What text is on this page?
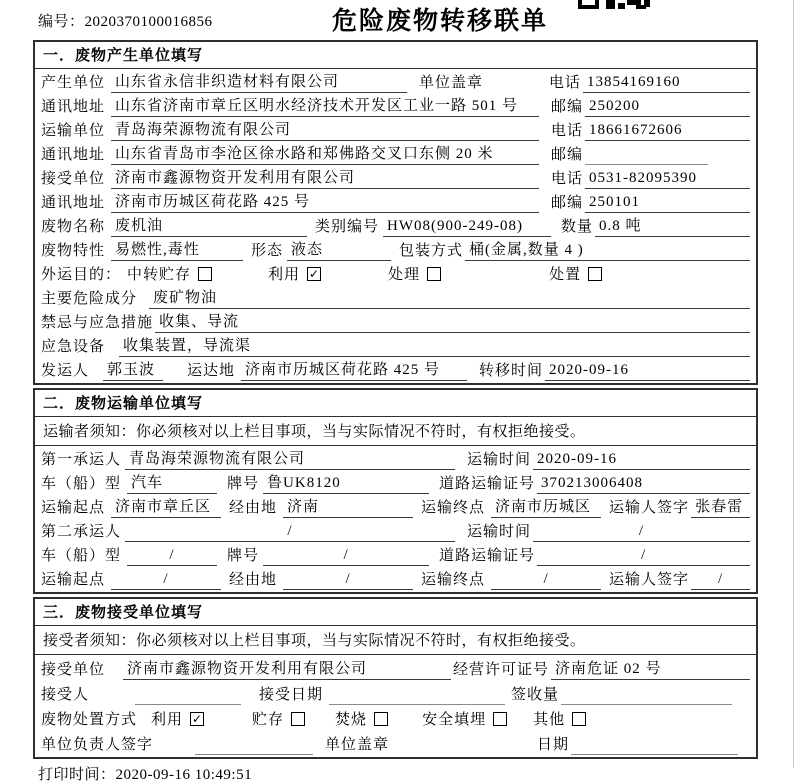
编号：2020370100016856	危险废物转移联单
一．废物产生单位填写
产生单位 山东省永信非织造材料有限公司	单位盖章	电话 13854169160
通讯地址 山东省济南市章丘区明水经济技术开发区工业一路 501 号	邮编 250200
运输单位 青岛海荣源物流有限公司	电话 18661672606
通讯地址 山东省青岛市李沧区徐水路和郑佛路交叉口东侧 20 米	邮编
接受单位 济南市鑫源物资开发利用有限公司	电话 0531-82095390
通讯地址 济南市历城区荷花路 425 号	邮编 250101
废物名称 废机油	类别编号 HW08(900-249-08)	数量 0.8 吨
废物特性 易燃性,毒性	形态 液态	包装方式 桶(金属,数量 4 )
外运目的： 中转贮存	利用 ✓	处理	处置
主要危险成分 废矿物油
禁忌与应急措施 收集、导流
应急设备 收集装置，导流渠
发运人 郭玉波	运达地 济南市历城区荷花路 425 号	转移时间 2020-09-16
二．废物运输单位填写
运输者须知：你必须核对以上栏目事项，当与实际情况不符时，有权拒绝接受。
第一承运人 青岛海荣源物流有限公司	运输时间 2020-09-16
车（船）型 汽车	牌号 鲁UK8120	道路运输证号 370213006408
运输起点 济南市章丘区	经由地 济南	运输终点 济南市历城区	运输人签字 张春雷
第二承运人	/	运输时间	/
车（船）型	/	牌号	/	道路运输证号	/
运输起点	/	经由地	/	运输终点	/	运输人签字	/
三．废物接受单位填写
接受者须知：你必须核对以上栏目事项，当与实际情况不符时，有权拒绝接受。
接受单位 济南市鑫源物资开发利用有限公司	经营许可证号 济南危证 02 号
接受人	接受日期	签收量
废物处置方式 利用 ✓	贮存	焚烧	安全填埋	其他
单位负责人签字	单位盖章	日期
打印时间：2020-09-16 10:49:51
